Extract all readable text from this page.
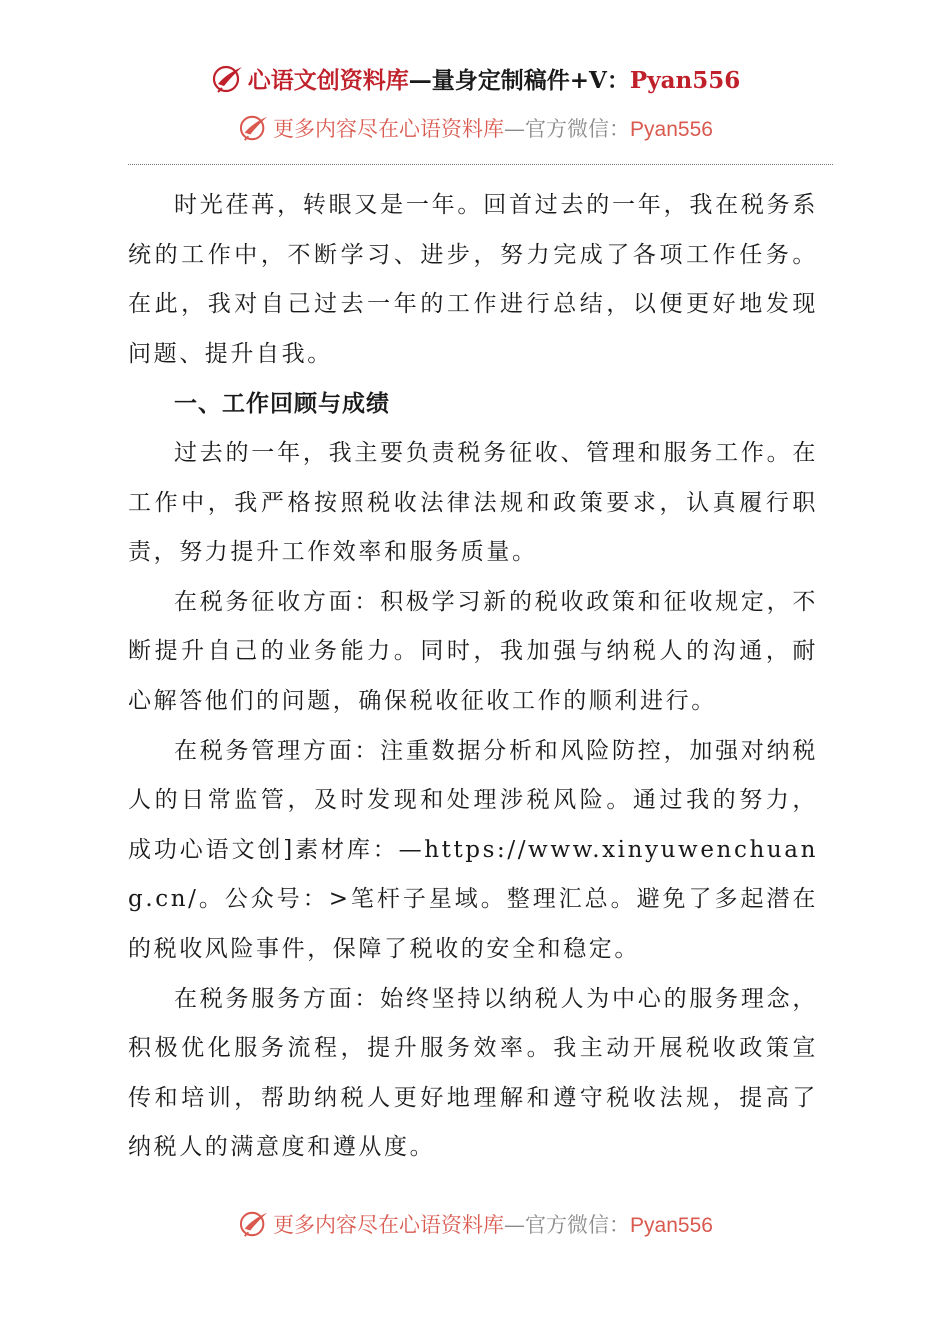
心语文创资料库—量身定制稿件+V：Pyan556
更多内容尽在心语资料库—官方微信：Pyan556

时光荏苒，转眼又是一年。回首过去的一年，我在税务系统的工作中，不断学习、进步，努力完成了各项工作任务。在此，我对自己过去一年的工作进行总结，以便更好地发现问题、提升自我。

一、工作回顾与成绩

过去的一年，我主要负责税务征收、管理和服务工作。在工作中，我严格按照税收法律法规和政策要求，认真履行职责，努力提升工作效率和服务质量。

在税务征收方面：积极学习新的税收政策和征收规定，不断提升自己的业务能力。同时，我加强与纳税人的沟通，耐心解答他们的问题，确保税收征收工作的顺利进行。

在税务管理方面：注重数据分析和风险防控，加强对纳税人的日常监管，及时发现和处理涉税风险。通过我的努力，成功心语文创]素材库：—https://www.xinyuwenchuang.cn/。公众号：>笔杆子星域。整理汇总。避免了多起潜在的税收风险事件，保障了税收的安全和稳定。

在税务服务方面：始终坚持以纳税人为中心的服务理念，积极优化服务流程，提升服务效率。我主动开展税收政策宣传和培训，帮助纳税人更好地理解和遵守税收法规，提高了纳税人的满意度和遵从度。

更多内容尽在心语资料库—官方微信：Pyan556
